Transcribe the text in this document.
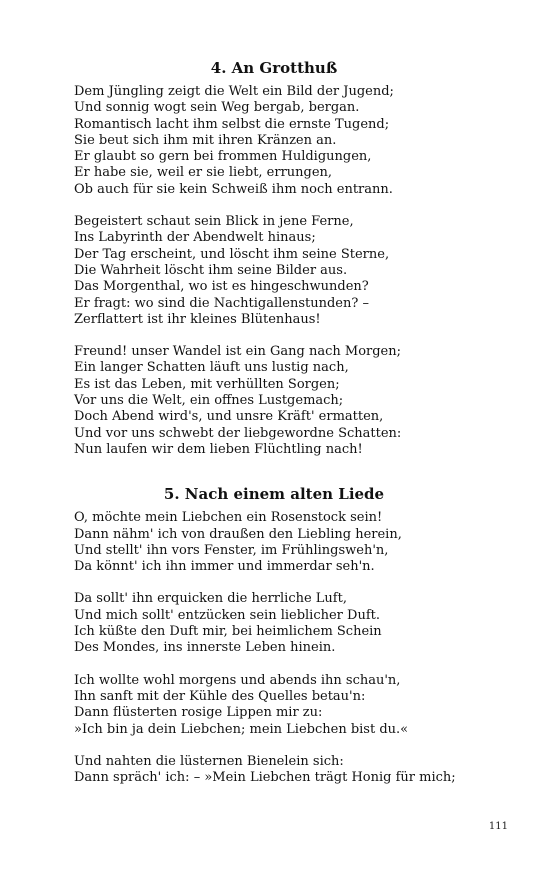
4. An Grotthuß
Dem Jüngling zeigt die Welt ein Bild der Jugend;
Und sonnig wogt sein Weg bergab, bergan.
Romantisch lacht ihm selbst die ernste Tugend;
Sie beut sich ihm mit ihren Kränzen an.
Er glaubt so gern bei frommen Huldigungen,
Er habe sie, weil er sie liebt, errungen,
Ob auch für sie kein Schweiß ihm noch entrann.
Begeistert schaut sein Blick in jene Ferne,
Ins Labyrinth der Abendwelt hinaus;
Der Tag erscheint, und löscht ihm seine Sterne,
Die Wahrheit löscht ihm seine Bilder aus.
Das Morgenthal, wo ist es hingeschwunden?
Er fragt: wo sind die Nachtigallenstunden? –
Zerflattert ist ihr kleines Blütenhaus!
Freund! unser Wandel ist ein Gang nach Morgen;
Ein langer Schatten läuft uns lustig nach,
Es ist das Leben, mit verhüllten Sorgen;
Vor uns die Welt, ein offnes Lustgemach;
Doch Abend wird's, und unsre Kräft' ermatten,
Und vor uns schwebt der liebgewordne Schatten:
Nun laufen wir dem lieben Flüchtling nach!
5. Nach einem alten Liede
O, möchte mein Liebchen ein Rosenstock sein!
Dann nähm' ich von draußen den Liebling herein,
Und stellt' ihn vors Fenster, im Frühlingsweh'n,
Da könnt' ich ihn immer und immerdar seh'n.
Da sollt' ihn erquicken die herrliche Luft,
Und mich sollt' entzücken sein lieblicher Duft.
Ich küßte den Duft mir, bei heimlichem Schein
Des Mondes, ins innerste Leben hinein.
Ich wollte wohl morgens und abends ihn schau'n,
Ihn sanft mit der Kühle des Quelles betau'n:
Dann flüsterten rosige Lippen mir zu:
»Ich bin ja dein Liebchen; mein Liebchen bist du.«
Und nahten die lüsternen Bienelein sich:
Dann spräch' ich: – »Mein Liebchen trägt Honig für mich;
111
